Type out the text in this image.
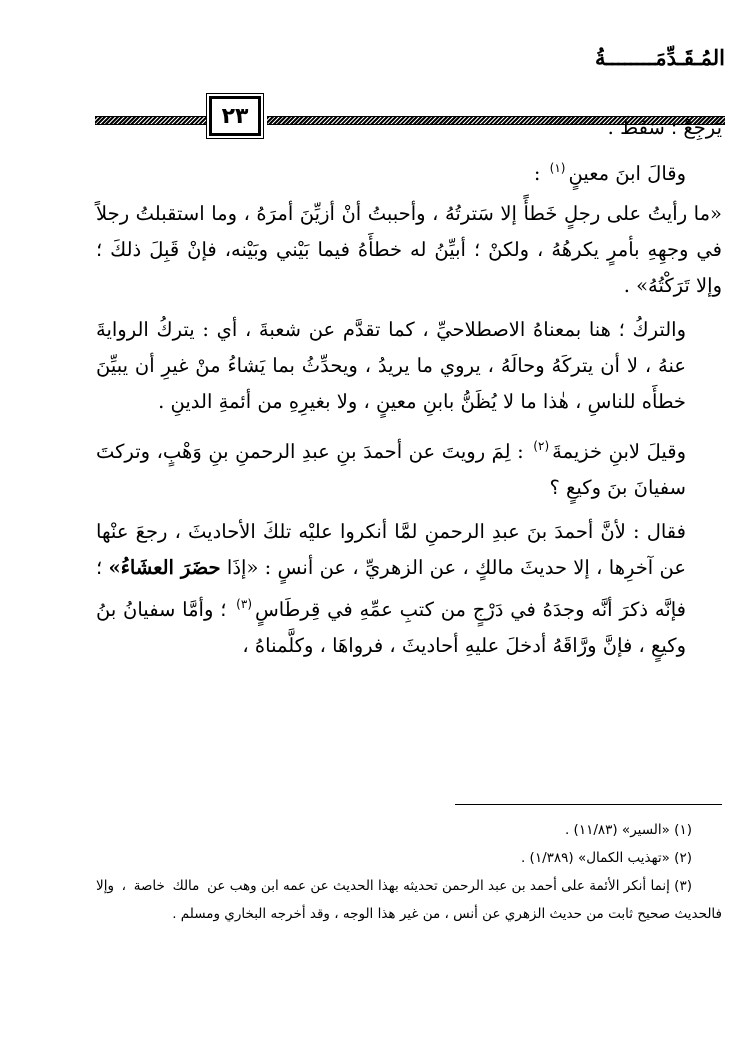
٢٣
المُـقَـدِّمَــــــــةُ

يَرجِعْ ؛ سَقَطَ .

وقالَ ابنَ معينٍ$^{(١)}$ :

«ما رأيتُ على رجلٍ خَطأً إلا سَترتُهُ ، وأحببتُ أنْ أزيِّنَ أمرَهُ ، وما استقبلتُ رجلاً في وجهِهِ بأمرٍ يكرهُهُ ، ولكنْ ؛ أبيِّنُ له خطأَهُ فيما بَيْني وبَيْنه، فإنْ قَبِلَ ذلكَ ؛ وإلا تَرَكْتُهُ» .

والتركُ ؛ هنا بمعناهُ الاصطلاحيِّ ، كما تقدَّم عن شعبةَ ، أي : يتركُ الروايةَ عنهُ ، لا أن يتركَهُ وحالَهُ ، يروي ما يريدُ ، ويحدِّثُ بما يَشاءُ منْ غيرِ أن يبيِّنَ خطأَه للناسِ ، هٰذا ما لا يُظَنُّ بابنِ معينٍ ، ولا بغيرِهِ من أئمةِ الدينِ .

وقيلَ لابنِ خزيمةَ$^{(٢)}$ : لِمَ رويتَ عن أحمدَ بنِ عبدِ الرحمنِ بنِ وَهْبٍ، وتركتَ سفيانَ بنَ وكيعٍ ؟

فقال : لأنَّ أحمدَ بنَ عبدِ الرحمنِ لمَّا أنكروا عليْه تلكَ الأحاديثَ ، رجعَ عنْها عن آخرِها ، إلا حديثَ مالكٍ ، عن الزهريِّ ، عن أنسٍ : «إذَا حضَرَ العشَاءُ» ؛ فإنَّه ذكرَ أنَّه وجدَهُ في دَرْجٍ من كتبِ عمِّهِ في قِرطَاسٍ$^{(٣)}$ ؛ وأمَّا سفيانُ بنُ وكيعٍ ، فإنَّ ورَّاقَهُ أدخلَ عليهِ أحاديثَ ، فرواهَا ، وكلَّمناهُ ،

(١) «السير» (١١/٨٣) .

(٢) «تهذيب الكمال» (١/٣٨٩) .

(٣) إنما أنكر الأئمة على أحمد بن عبد الرحمن تحديثه بهذا الحديث عن عمه ابن وهب عن مالك خاصة ، وإلا فالحديث صحيح ثابت من حديث الزهري عن أنس ، من غير هذا الوجه ، وقد أخرجه البخاري ومسلم .
